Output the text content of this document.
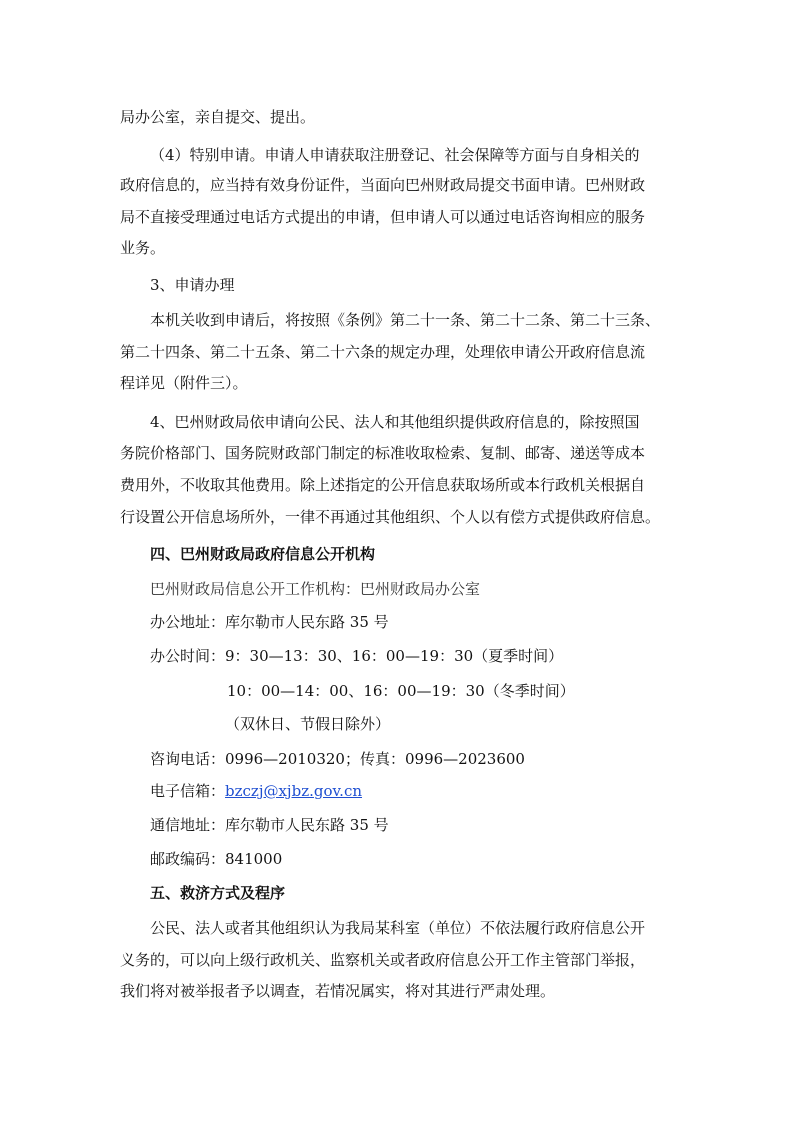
局办公室，亲自提交、提出。
（4）特别申请。申请人申请获取注册登记、社会保障等方面与自身相关的
政府信息的，应当持有效身份证件，当面向巴州财政局提交书面申请。巴州财政
局不直接受理通过电话方式提出的申请，但申请人可以通过电话咨询相应的服务
业务。
3、申请办理
本机关收到申请后，将按照《条例》第二十一条、第二十二条、第二十三条、
第二十四条、第二十五条、第二十六条的规定办理，处理依申请公开政府信息流
程详见（附件三）。
4、巴州财政局依申请向公民、法人和其他组织提供政府信息的，除按照国
务院价格部门、国务院财政部门制定的标准收取检索、复制、邮寄、递送等成本
费用外，不收取其他费用。除上述指定的公开信息获取场所或本行政机关根据自
行设置公开信息场所外，一律不再通过其他组织、个人以有偿方式提供政府信息。
四、巴州财政局政府信息公开机构
巴州财政局信息公开工作机构：巴州财政局办公室
办公地址：库尔勒市人民东路 35 号
办公时间：9：30—13：30、16：00—19：30（夏季时间）
10：00—14：00、16：00—19：30（冬季时间）
（双休日、节假日除外）
咨询电话：0996—2010320；传真：0996—2023600
电子信箱：bzczj@xjbz.gov.cn
通信地址：库尔勒市人民东路 35 号
邮政编码：841000
五、救济方式及程序
公民、法人或者其他组织认为我局某科室（单位）不依法履行政府信息公开
义务的，可以向上级行政机关、监察机关或者政府信息公开工作主管部门举报，
我们将对被举报者予以调查，若情况属实，将对其进行严肃处理。
